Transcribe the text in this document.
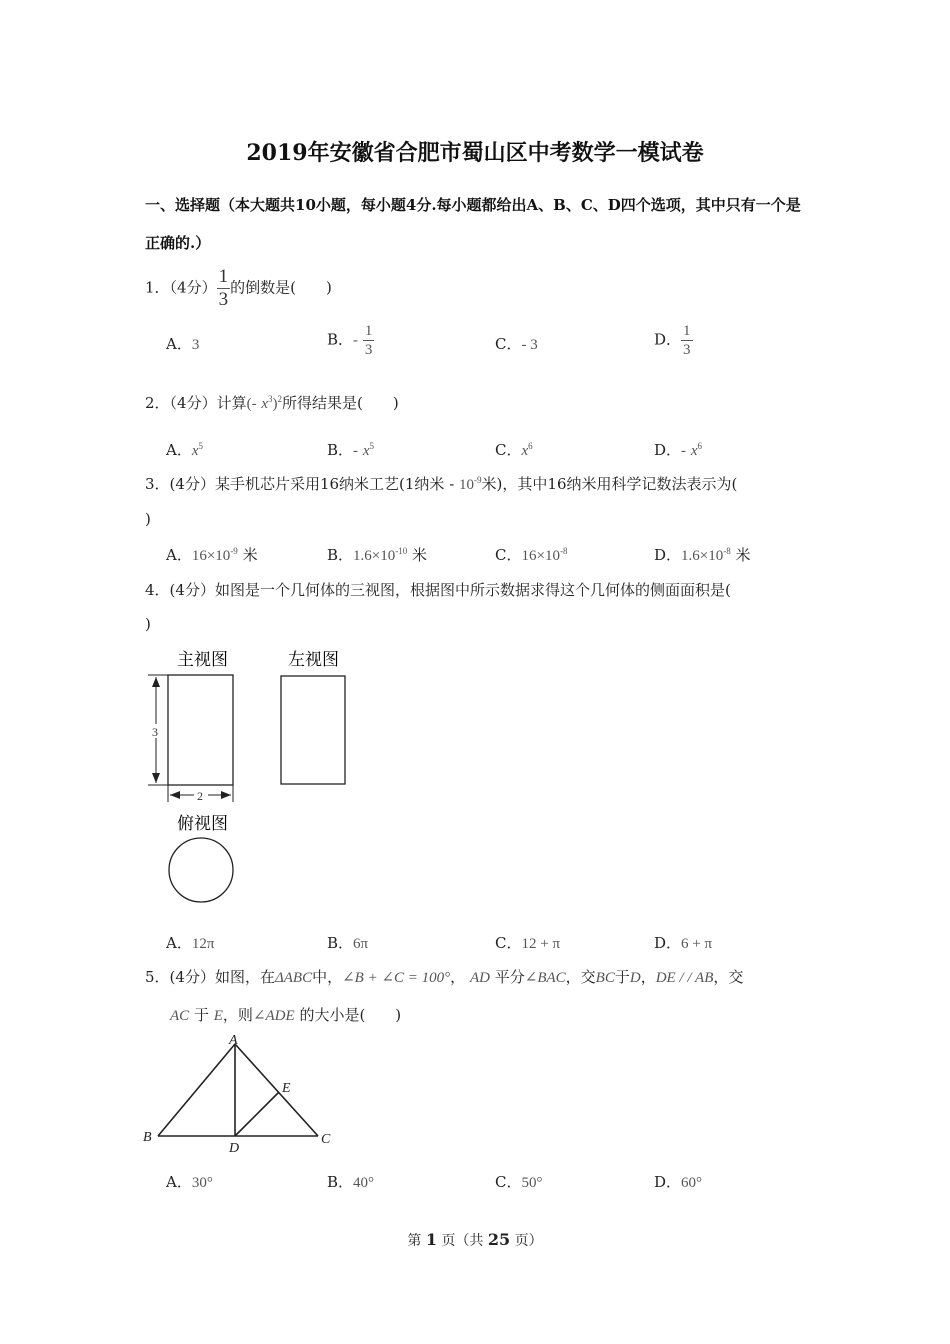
2019年安徽省合肥市蜀山区中考数学一模试卷
一、选择题（本大题共10小题，每小题4分.每小题都给出A、B、C、D四个选项，其中只有一个是正确的.）
1．（4分） $\frac{1}{3}$ 的倒数是(　　)
A．3	B．- $\frac{1}{3}$	C．- 3	D． $\frac{1}{3}$
2．（4分）计算(- $x^3)^2$所得结果是(　　)
A．$x^5$	B．- $x^5$	C．$x^6$	D．- $x^6$
3．(4分）某手机芯片采用16纳米工艺(1纳米 - $10^{-9}$米)，其中16纳米用科学记数法表示为(
)
A．$16\times 10^{-9}$ 米	B．$1.6\times 10^{-10}$ 米	C．$16\times 10^{-8}$	D．$1.6\times 10^{-8}$ 米
4．(4分）如图是一个几何体的三视图，根据图中所示数据求得这个几何体的侧面面积是(
)
主视图	左视图
3
2
俯视图
A．12π	B．6π	C．12 + π	D．6 + π
5．(4分）如图，在ΔABC中，∠B + ∠C = 100°， AD 平分∠BAC，交BC于D，DE / / AB，交
AC 于 E，则∠ADE 的大小是(　　)
A
B	C
D
E
A．30°	B．40°	C．50°	D．60°
第 1 页（共 25 页）
